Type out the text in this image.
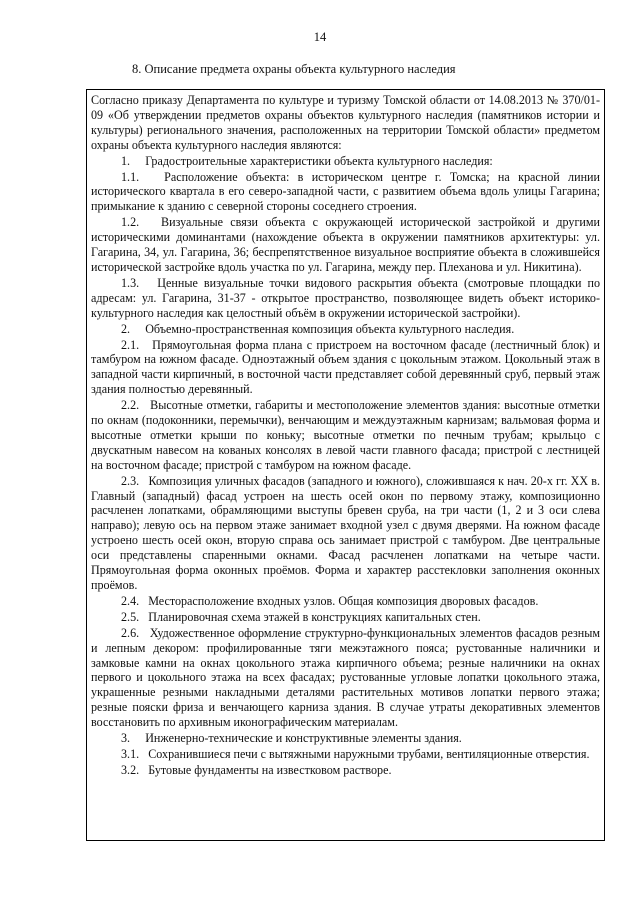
14
8. Описание предмета охраны объекта культурного наследия

Согласно приказу Департамента по культуре и туризму Томской области от 14.08.2013 № 370/01-09 «Об утверждении предметов охраны объектов культурного наследия (памятников истории и культуры) регионального значения, расположенных на территории Томской области» предметом охраны объекта культурного наследия являются:

1.     Градостроительные характеристики объекта культурного наследия:

1.1.   Расположение объекта: в историческом центре г. Томска; на красной линии исторического квартала в его северо-западной части, с развитием объема вдоль улицы Гагарина; примыкание к зданию с северной стороны соседнего строения.

1.2.   Визуальные связи объекта с окружающей исторической застройкой и другими историческими доминантами (нахождение объекта в окружении памятников архитектуры: ул. Гагарина, 34, ул. Гагарина, 36; беспрепятственное визуальное восприятие объекта в сложившейся исторической застройке вдоль участка по ул. Гагарина, между пер. Плеханова и ул. Никитина).

1.3.   Ценные визуальные точки видового раскрытия объекта (смотровые площадки по адресам: ул. Гагарина, 31-37 - открытое пространство, позволяющее видеть объект историко-культурного наследия как целостный объём в окружении исторической застройки).

2.     Объемно-пространственная композиция объекта культурного наследия.

2.1.   Прямоугольная форма плана с пристроем на восточном фасаде (лестничный блок) и тамбуром на южном фасаде. Одноэтажный объем здания с цокольным этажом. Цокольный этаж в западной части кирпичный, в восточной части представляет собой деревянный сруб, первый этаж здания полностью деревянный.

2.2.   Высотные отметки, габариты и местоположение элементов здания: высотные отметки по окнам (подоконники, перемычки), венчающим и междуэтажным карнизам; вальмовая форма и высотные отметки крыши по коньку; высотные отметки по печным трубам; крыльцо с двускатным навесом на кованых консолях в левой части главного фасада; пристрой с лестницей на восточном фасаде; пристрой с тамбуром на южном фасаде.

2.3.   Композиция уличных фасадов (западного и южного), сложившаяся к нач. 20-х гг. XX в. Главный (западный) фасад устроен на шесть осей окон по первому этажу, композиционно расчленен лопатками, обрамляющими выступы бревен сруба, на три части (1, 2 и 3 оси слева направо); левую ось на первом этаже занимает входной узел с двумя дверями. На южном фасаде устроено шесть осей окон, вторую справа ось занимает пристрой с тамбуром. Две центральные оси представлены спаренными окнами. Фасад расчленен лопатками на четыре части. Прямоугольная форма оконных проёмов. Форма и характер расстекловки заполнения оконных проёмов.

2.4.   Месторасположение входных узлов. Общая композиция дворовых фасадов.

2.5.   Планировочная схема этажей в конструкциях капитальных стен.

2.6.   Художественное оформление структурно-функциональных элементов фасадов резным и лепным декором: профилированные тяги межэтажного пояса; рустованные наличники и замковые камни на окнах цокольного этажа кирпичного объема; резные наличники на окнах первого и цокольного этажа на всех фасадах; рустованные угловые лопатки цокольного этажа, украшенные резными накладными деталями растительных мотивов лопатки первого этажа; резные пояски фриза и венчающего карниза здания. В случае утраты декоративных элементов восстановить по архивным иконографическим материалам.

3.     Инженерно-технические и конструктивные элементы здания.

3.1.   Сохранившиеся печи с вытяжными наружными трубами, вентиляционные отверстия.

3.2.   Бутовые фундаменты на известковом растворе.
